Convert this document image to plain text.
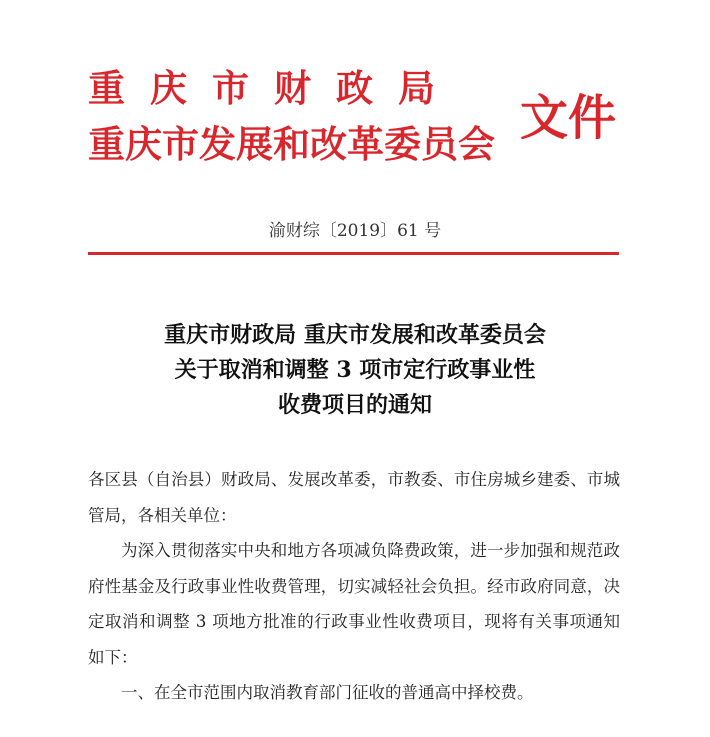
重庆市财政局
重庆市发展和改革委员会 文件
渝财综〔2019〕61 号
重庆市财政局 重庆市发展和改革委员会
关于取消和调整 3 项市定行政事业性
收费项目的通知

各区县（自治县）财政局、发展改革委，市教委、市住房城乡建委、市城管局，各相关单位：

为深入贯彻落实中央和地方各项减负降费政策，进一步加强和规范政府性基金及行政事业性收费管理，切实减轻社会负担。经市政府同意，决定取消和调整 3 项地方批准的行政事业性收费项目，现将有关事项通知如下：

一、在全市范围内取消教育部门征收的普通高中择校费。
